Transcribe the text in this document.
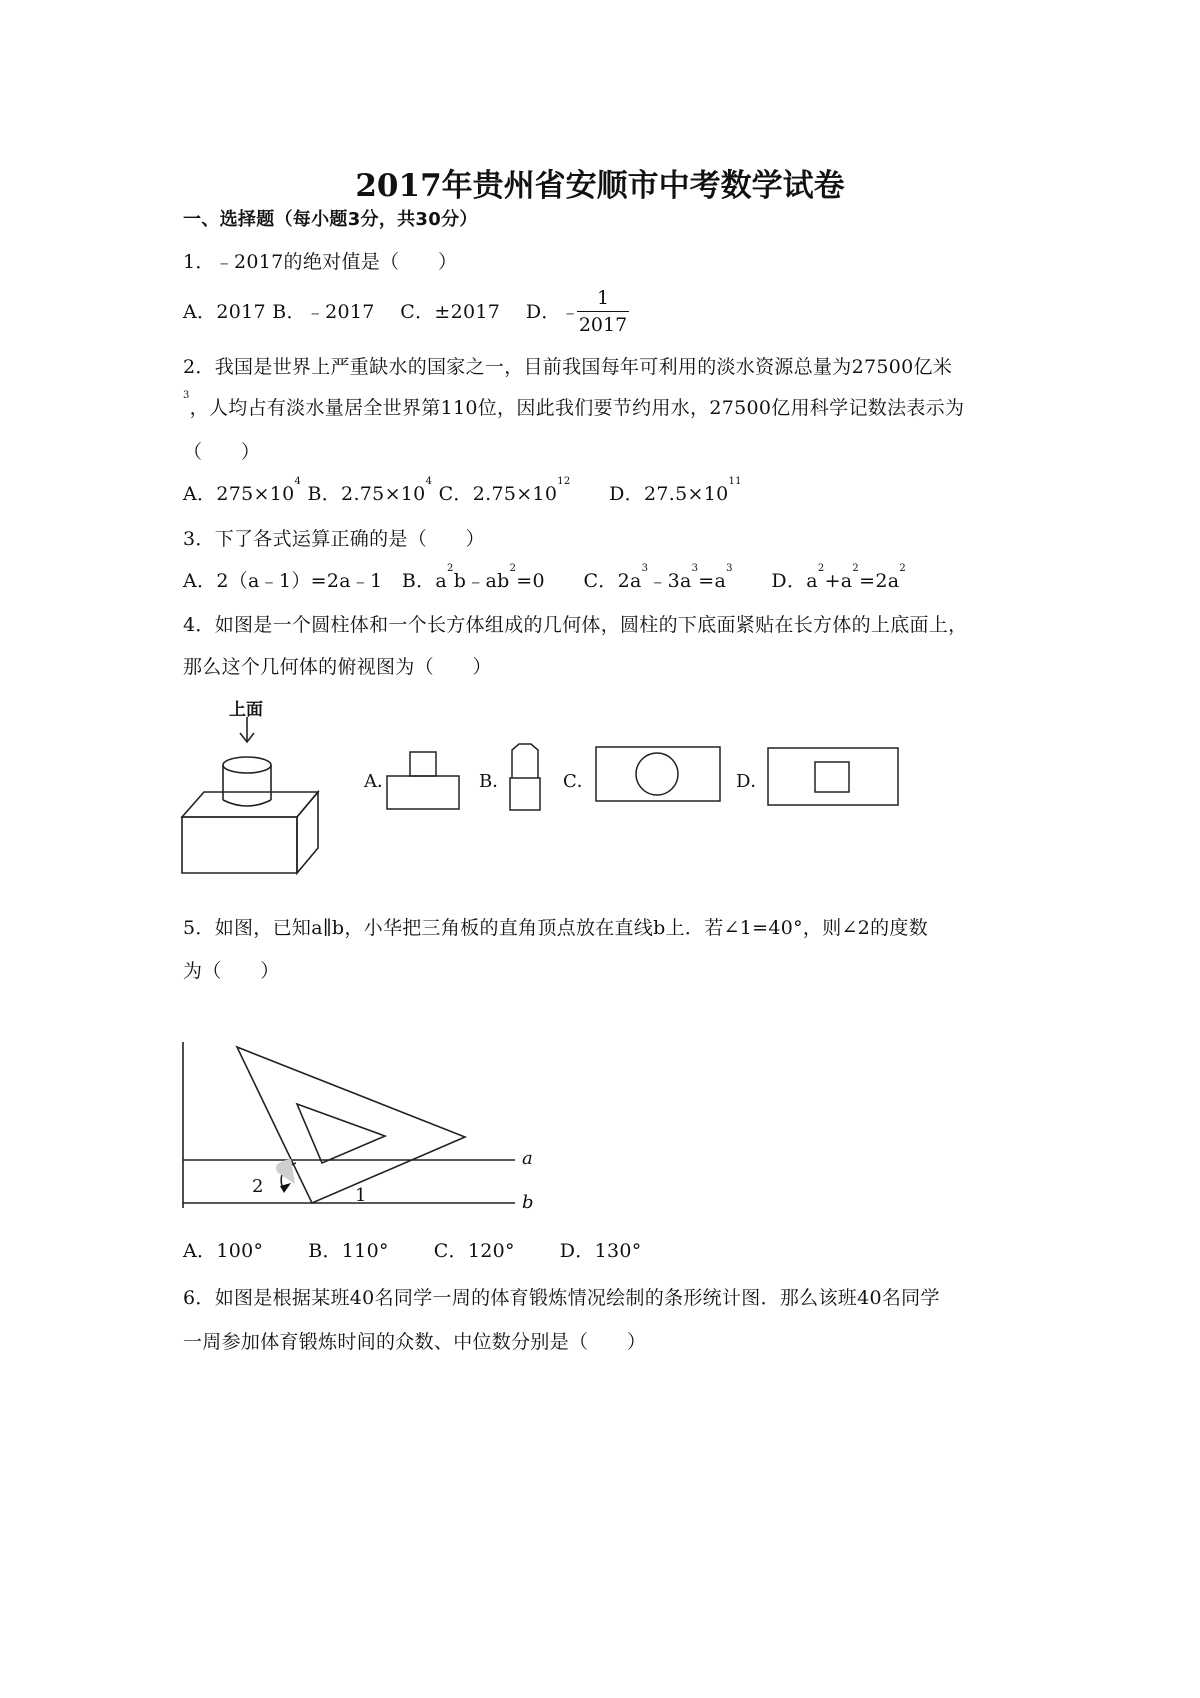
2017年贵州省安顺市中考数学试卷
一、选择题（每小题3分，共30分）
1．﹣2017的绝对值是（　　）
A．2017 B．﹣2017　 C．±2017　 D．﹣
1
2017
2．我国是世界上严重缺水的国家之一，目前我国每年可利用的淡水资源总量为27500亿米
$^3$，人均占有淡水量居全世界第110位，因此我们要节约用水，27500亿用科学记数法表示为
（　　）
A．$275\times 10^4$ B．$2.75\times 10^4$ C．$2.75\times 10^{12}$　　D．$27.5\times 10^{11}$
3．下了各式运算正确的是（　　）
A．2（a﹣1）=2a﹣1　B．$a^2b﹣ab^2=0$　　C．$2a^3﹣3a^3=a^3$　　D．$a^2+a^2=2a^2$
4．如图是一个圆柱体和一个长方体组成的几何体，圆柱的下底面紧贴在长方体的上底面上，
那么这个几何体的俯视图为（　　）
上面
A．	B．	C．	D．
5．如图，已知a∥b，小华把三角板的直角顶点放在直线b上．若∠1=40°，则∠2的度数
为（　　）
a
b
1
2
A．100°　　 B．110°　　 C．120°　　 D．130°
6．如图是根据某班40名同学一周的体育锻炼情况绘制的条形统计图．那么该班40名同学
一周参加体育锻炼时间的众数、中位数分别是（　　）
